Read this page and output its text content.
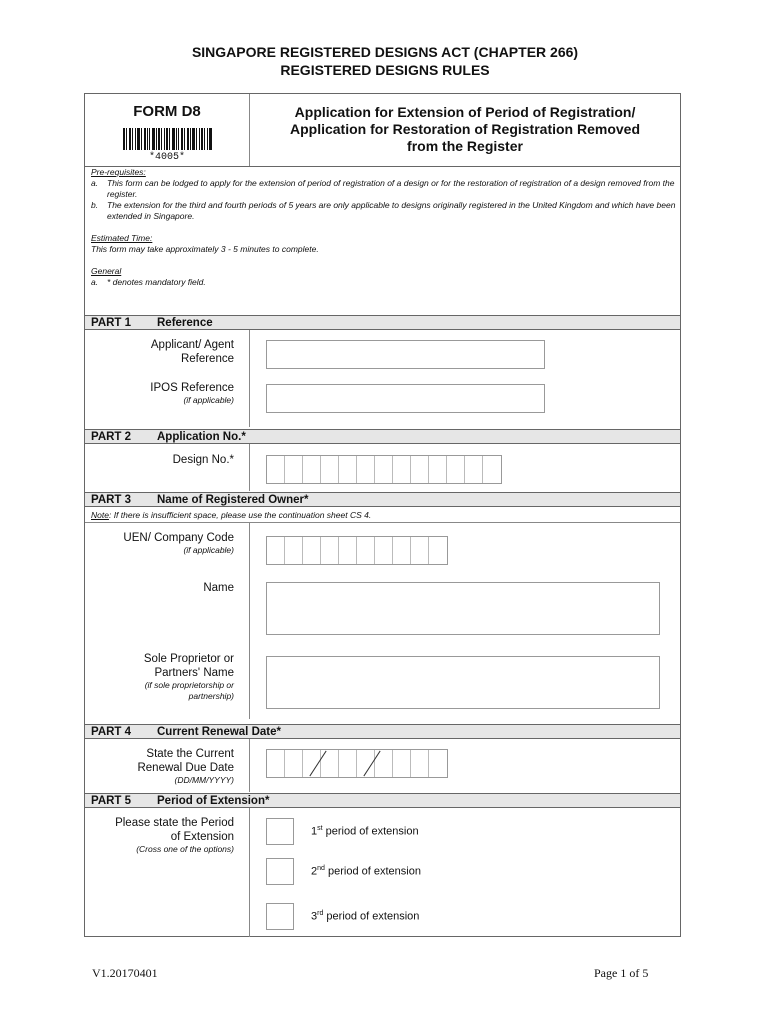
SINGAPORE REGISTERED DESIGNS ACT (CHAPTER 266)
REGISTERED DESIGNS RULES
FORM D8
*4005*
Application for Extension of Period of Registration/
Application for Restoration of Registration Removed
from the Register
Pre-requisites:
a.	This form can be lodged to apply for the extension of period of registration of a design or for the restoration of registration of a design removed from the register.
b.	The extension for the third and fourth periods of 5 years are only applicable to designs originally registered in the United Kingdom and which have been extended in Singapore.
Estimated Time:
This form may take approximately 3 - 5 minutes to complete.
General
a.	* denotes mandatory field.
PART 1 Reference
Applicant/ Agent
Reference
IPOS Reference
(if applicable)
PART 2 Application No.*
Design No.*
PART 3 Name of Registered Owner*
Note: If there is insufficient space, please use the continuation sheet CS 4.
UEN/ Company Code
(if applicable)
Name
Sole Proprietor or
Partners' Name
(if sole proprietorship or
partnership)
PART 4 Current Renewal Date*
State the Current
Renewal Due Date
(DD/MM/YYYY)
PART 5 Period of Extension*
Please state the Period
of Extension
(Cross one of the options)
1st period of extension
2nd period of extension
3rd period of extension
V1.20170401	Page 1 of 5
